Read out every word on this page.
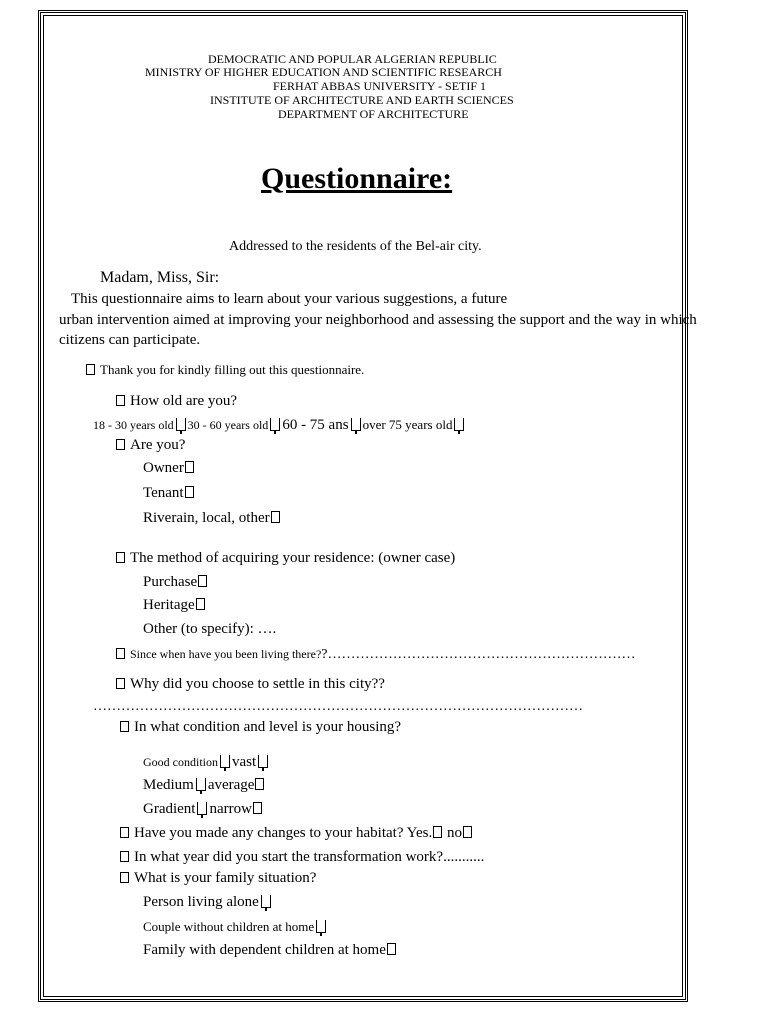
DEMOCRATIC AND POPULAR ALGERIAN REPUBLIC
MINISTRY OF HIGHER EDUCATION AND SCIENTIFIC RESEARCH
FERHAT ABBAS UNIVERSITY - SETIF 1
INSTITUTE OF ARCHITECTURE AND EARTH SCIENCES
DEPARTMENT OF ARCHITECTURE
Questionnaire:
Addressed to the residents of the Bel-air city.
Madam, Miss, Sir:
This questionnaire aims to learn about your various suggestions, a future
urban intervention aimed at improving your neighborhood and assessing the support and the way in which
citizens can participate.
Thank you for kindly filling out this questionnaire.
How old are you?
18 - 30 years old 30 - 60 years old 60 - 75 ans over 75 years old
Are you?
Owner
Tenant
Riverain, local, other
The method of acquiring your residence: (owner case)
Purchase
Heritage
Other (to specify): ….
Since when have you been living there??…………………………………………………………
Why did you choose to settle in this city??
……………………………………………………………………………………………
In what condition and level is your housing?
Good condition vast
Medium average
Gradient narrow
Have you made any changes to your habitat? Yes. no
In what year did you start the transformation work?...........
What is your family situation?
Person living alone
Couple without children at home
Family with dependent children at home
